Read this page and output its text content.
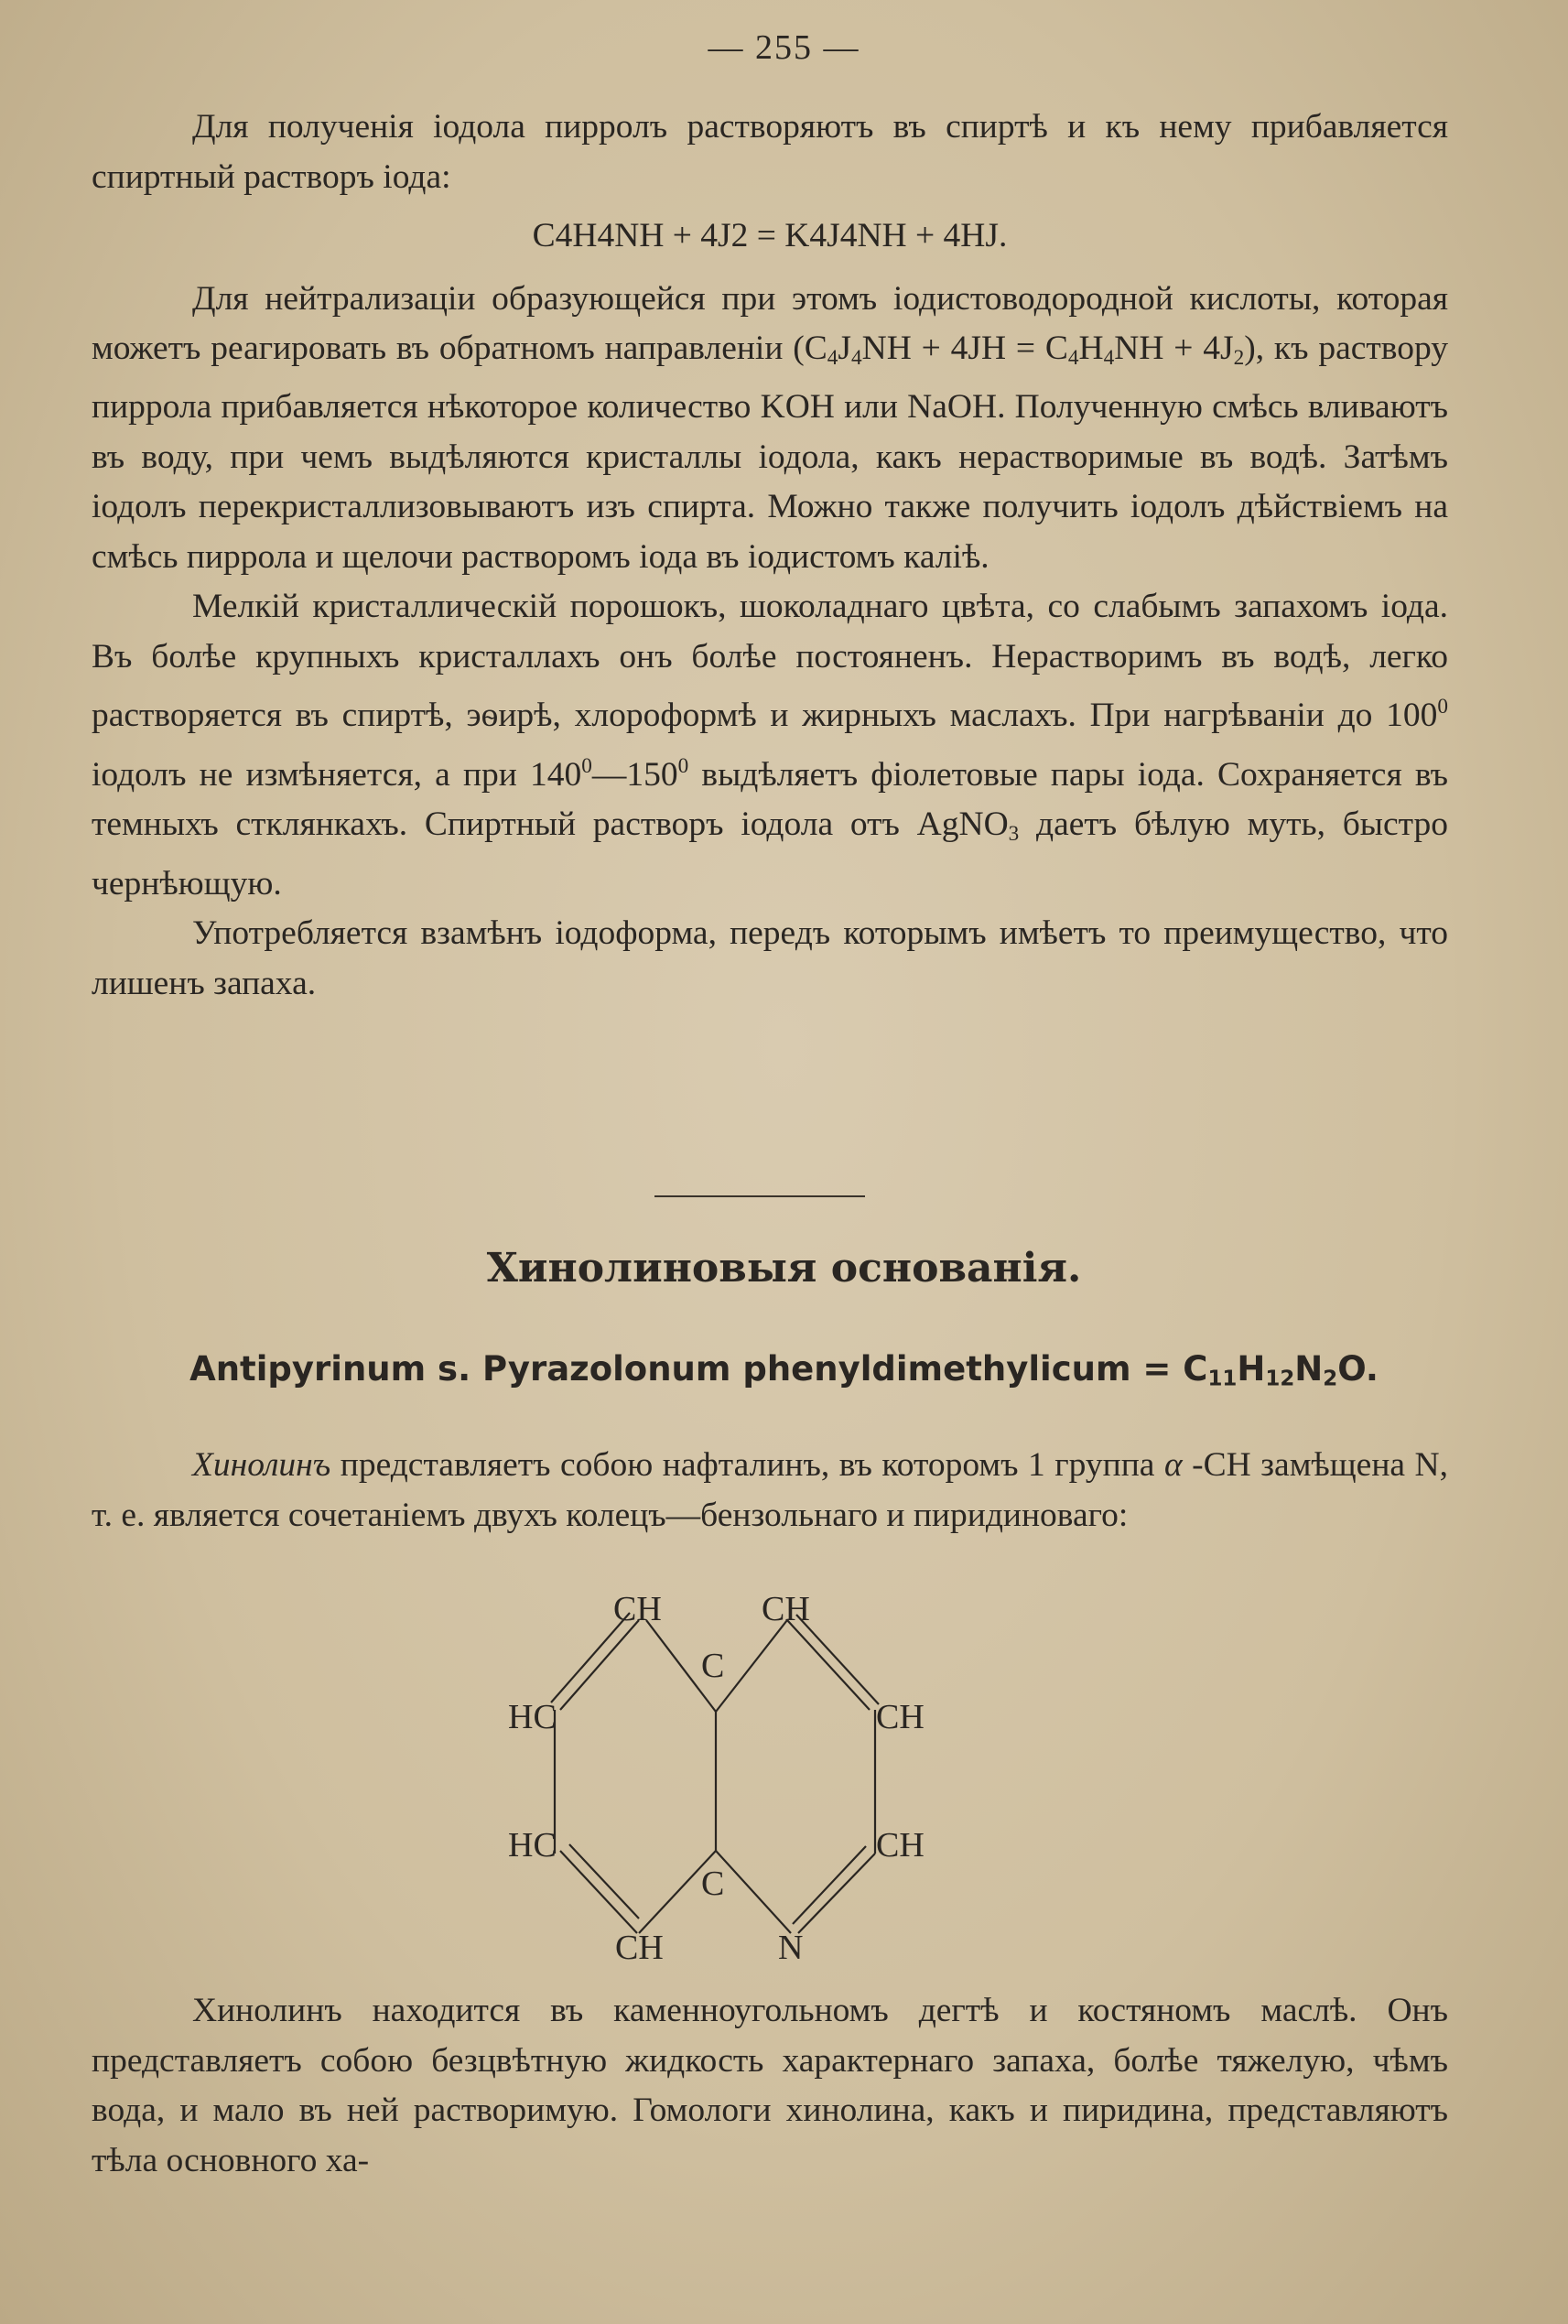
— 255 —

Для полученія іодола пирролъ растворяютъ въ спиртѣ и къ нему прибавляется спиртный растворъ іода:

C4H4NH + 4J2 = K4J4NH + 4HJ.

Для нейтрализаціи образующейся при этомъ іодистоводородной кислоты, которая можетъ реагировать въ обратномъ направленіи $(C_4J_4NH + 4JH = C_4H_4NH + 4J_2)$, къ раствору пиррола прибавляется нѣкоторое количество KOH или NaOH. Полученную смѣсь вливаютъ въ воду, при чемъ выдѣляются кристаллы іодола, какъ нерастворимые въ водѣ. Затѣмъ іодолъ перекристаллизовываютъ изъ спирта. Можно также получить іодолъ дѣйствіемъ на смѣсь пиррола и щелочи растворомъ іода въ іодистомъ каліѣ.

Мелкій кристаллическій порошокъ, шоколаднаго цвѣта, со слабымъ запахомъ іода. Въ болѣе крупныхъ кристаллахъ онъ болѣе постояненъ. Нерастворимъ въ водѣ, легко растворяется въ спиртѣ, эѳирѣ, хлороформѣ и жирныхъ маслахъ. При нагрѣваніи до $100^0$ іодолъ не измѣняется, а при $140^0—150^0$ выдѣляетъ фіолетовые пары іода. Сохраняется въ темныхъ стклянкахъ. Спиртный растворъ іодола отъ AgNO$_3$ даетъ бѣлую муть, быстро чернѣющую.

Употребляется взамѣнъ іодоформа, передъ которымъ имѣетъ то преимущество, что лишенъ запаха.

Хинолиновыя основанія.
Antipyrinum s. Pyrazolonum phenyldimethylicum = $C_{11}H_{12}N_2O$.

Хинолинъ представляетъ собою нафталинъ, въ которомъ 1 группа α -CH замѣщена N, т. е. является сочетаніемъ двухъ колецъ—бензольнаго и пиридиноваго:

CH	CH
C
HC	CH
HC	CH
C
CH	N

Хинолинъ находится въ каменноугольномъ дегтѣ и костяномъ маслѣ. Онъ представляетъ собою безцвѣтную жидкость характернаго запаха, болѣе тяжелую, чѣмъ вода, и мало въ ней растворимую. Гомологи хинолина, какъ и пиридина, представляютъ тѣла основного ха-
